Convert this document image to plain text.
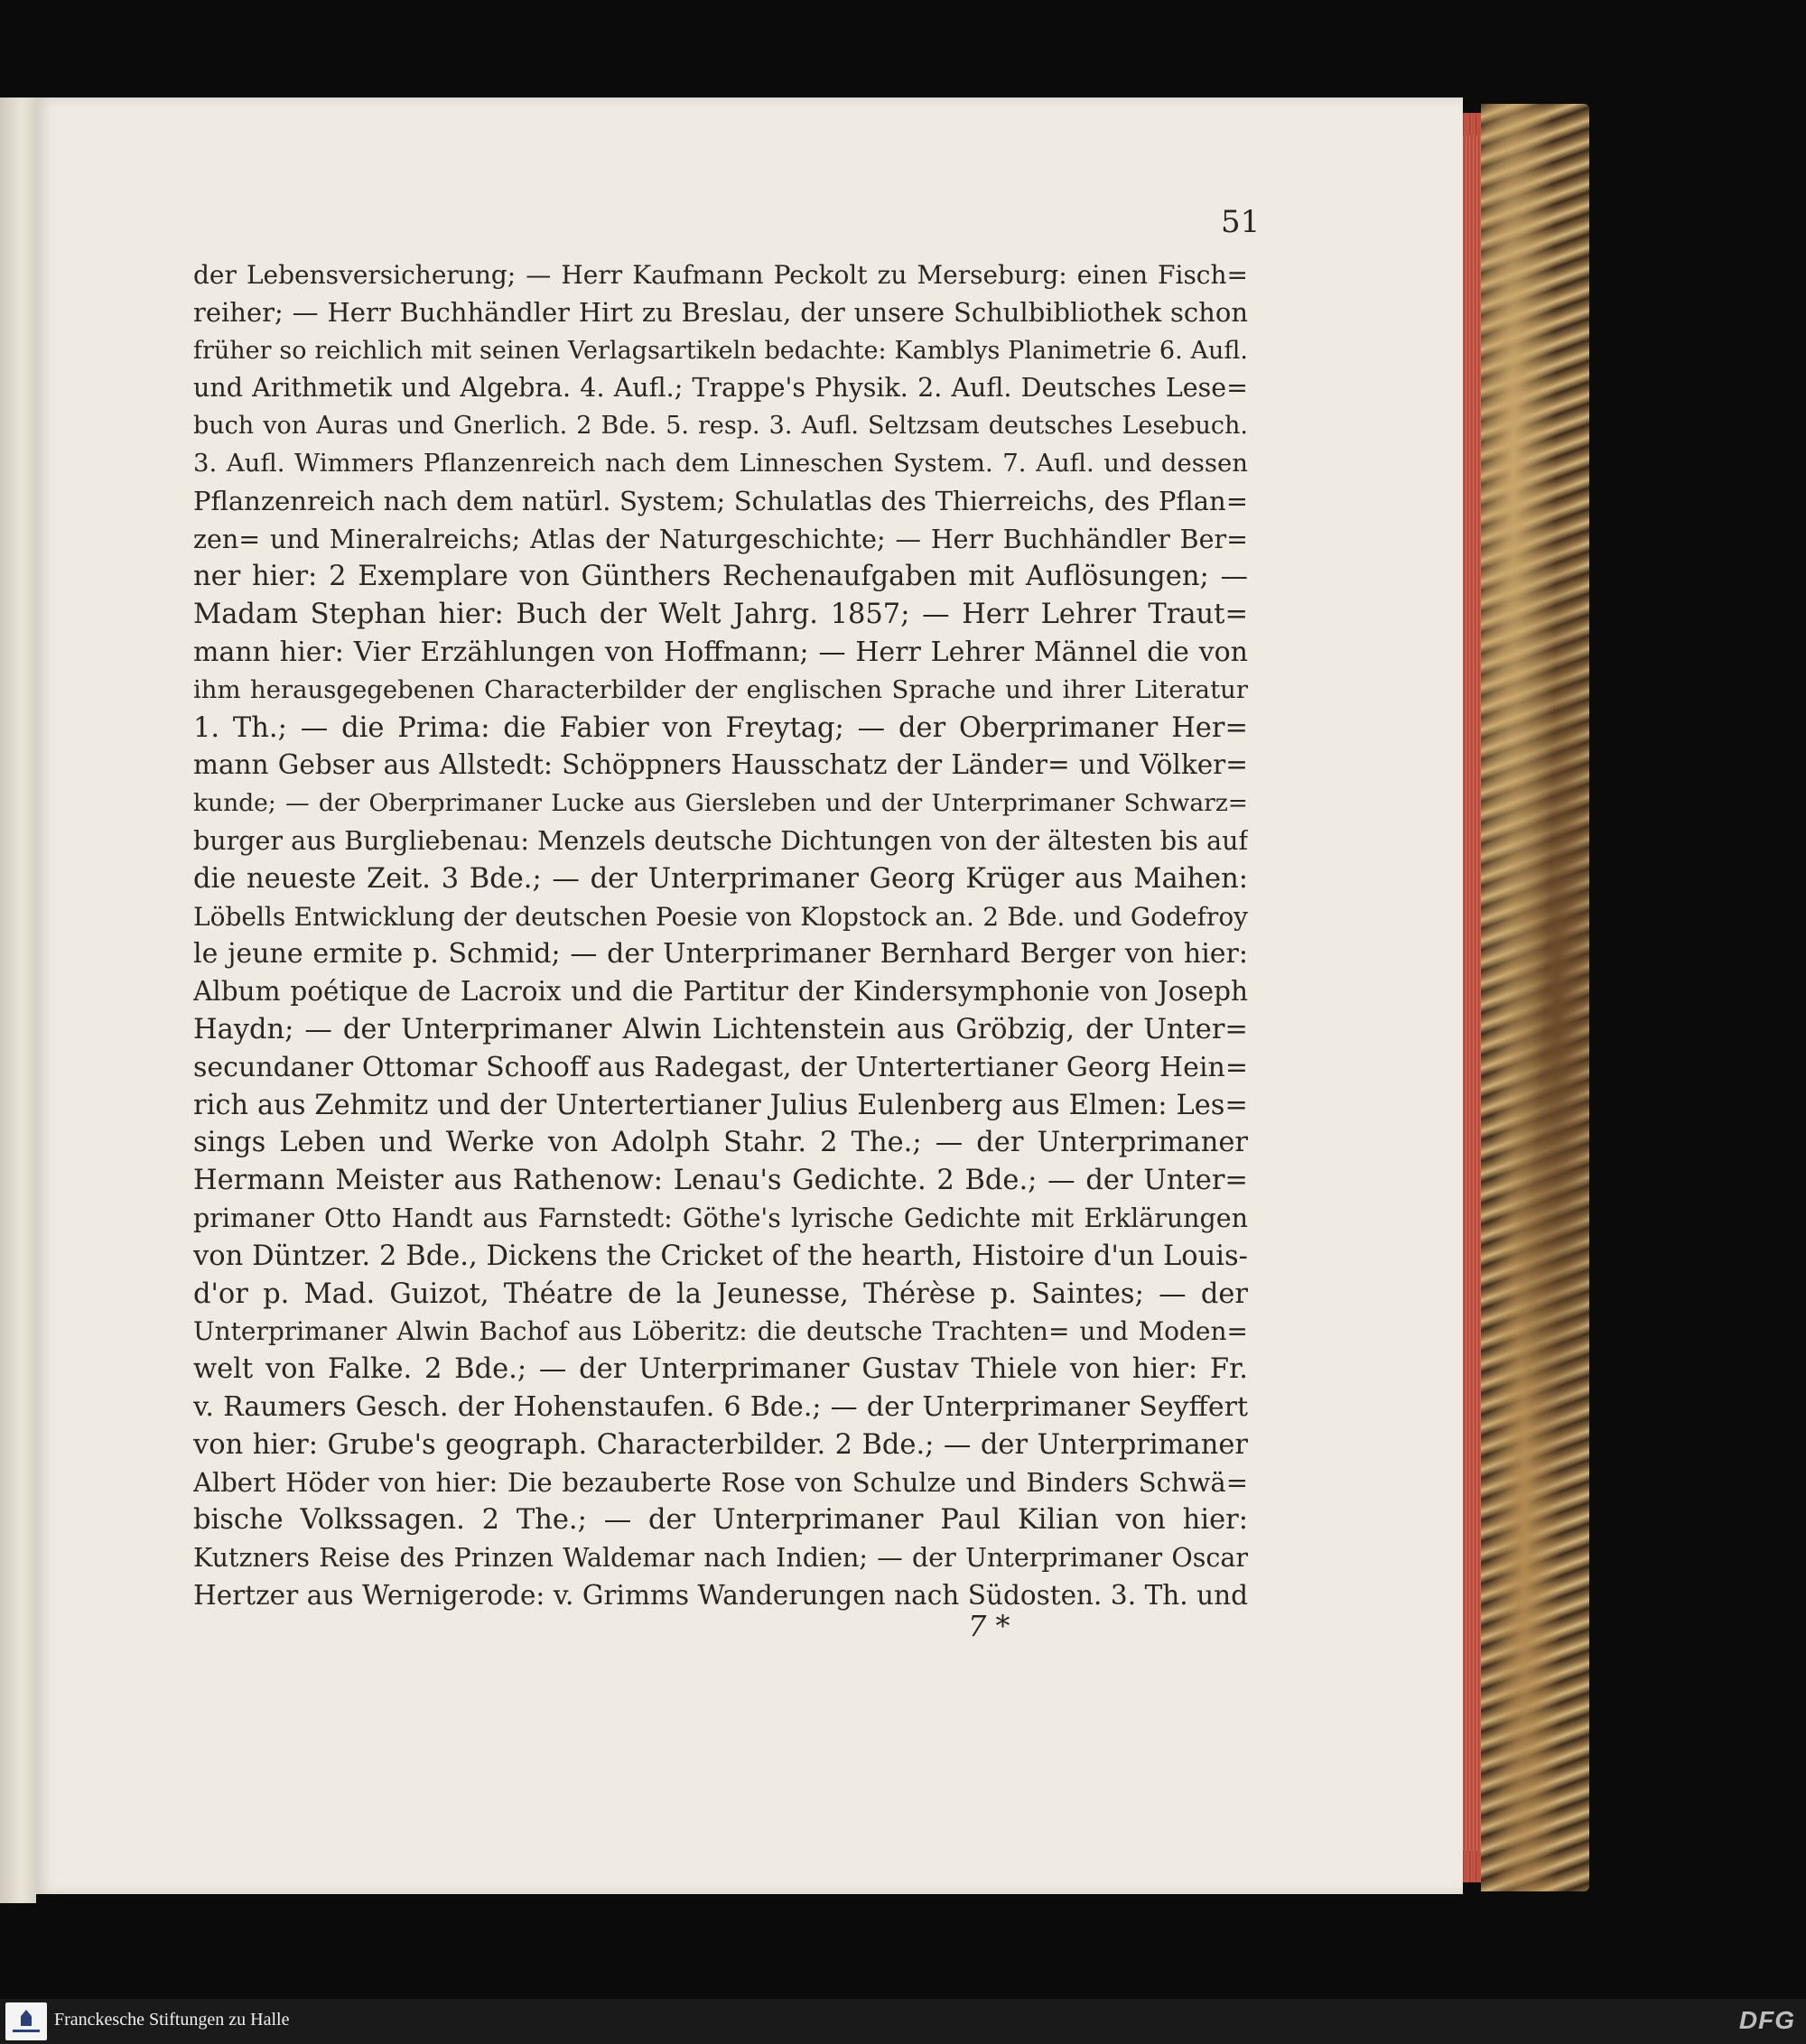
51

der Lebensversicherung; — Herr Kaufmann Peckolt zu Merseburg: einen Fisch=
reiher; — Herr Buchhändler Hirt zu Breslau, der unsere Schulbibliothek schon
früher so reichlich mit seinen Verlagsartikeln bedachte: Kamblys Planimetrie 6. Aufl.
und Arithmetik und Algebra. 4. Aufl.; Trappe's Physik. 2. Aufl. Deutsches Lese=
buch von Auras und Gnerlich. 2 Bde. 5. resp. 3. Aufl. Seltzsam deutsches Lesebuch.
3. Aufl. Wimmers Pflanzenreich nach dem Linneschen System. 7. Aufl. und dessen
Pflanzenreich nach dem natürl. System; Schulatlas des Thierreichs, des Pflan=
zen= und Mineralreichs; Atlas der Naturgeschichte; — Herr Buchhändler Ber=
ner hier: 2 Exemplare von Günthers Rechenaufgaben mit Auflösungen; —
Madam Stephan hier: Buch der Welt Jahrg. 1857; — Herr Lehrer Traut=
mann hier: Vier Erzählungen von Hoffmann; — Herr Lehrer Männel die von
ihm herausgegebenen Characterbilder der englischen Sprache und ihrer Literatur
1. Th.; — die Prima: die Fabier von Freytag; — der Oberprimaner Her=
mann Gebser aus Allstedt: Schöppners Hausschatz der Länder= und Völker=
kunde; — der Oberprimaner Lucke aus Giersleben und der Unterprimaner Schwarz=
burger aus Burgliebenau: Menzels deutsche Dichtungen von der ältesten bis auf
die neueste Zeit. 3 Bde.; — der Unterprimaner Georg Krüger aus Maihen:
Löbells Entwicklung der deutschen Poesie von Klopstock an. 2 Bde. und Godefroy
le jeune ermite p. Schmid; — der Unterprimaner Bernhard Berger von hier:
Album poétique de Lacroix und die Partitur der Kindersymphonie von Joseph
Haydn; — der Unterprimaner Alwin Lichtenstein aus Gröbzig, der Unter=
secundaner Ottomar Schooff aus Radegast, der Untertertianer Georg Hein=
rich aus Zehmitz und der Untertertianer Julius Eulenberg aus Elmen: Les=
sings Leben und Werke von Adolph Stahr. 2 The.; — der Unterprimaner
Hermann Meister aus Rathenow: Lenau's Gedichte. 2 Bde.; — der Unter=
primaner Otto Handt aus Farnstedt: Göthe's lyrische Gedichte mit Erklärungen
von Düntzer. 2 Bde., Dickens the Cricket of the hearth, Histoire d'un Louis-
d'or p. Mad. Guizot, Théatre de la Jeunesse, Thérèse p. Saintes; — der
Unterprimaner Alwin Bachof aus Löberitz: die deutsche Trachten= und Moden=
welt von Falke. 2 Bde.; — der Unterprimaner Gustav Thiele von hier: Fr.
v. Raumers Gesch. der Hohenstaufen. 6 Bde.; — der Unterprimaner Seyffert
von hier: Grube's geograph. Characterbilder. 2 Bde.; — der Unterprimaner
Albert Höder von hier: Die bezauberte Rose von Schulze und Binders Schwä=
bische Volkssagen. 2 The.; — der Unterprimaner Paul Kilian von hier:
Kutzners Reise des Prinzen Waldemar nach Indien; — der Unterprimaner Oscar
Hertzer aus Wernigerode: v. Grimms Wanderungen nach Südosten. 3. Th. und

7 *

Franckesche Stiftungen zu Halle	DFG
